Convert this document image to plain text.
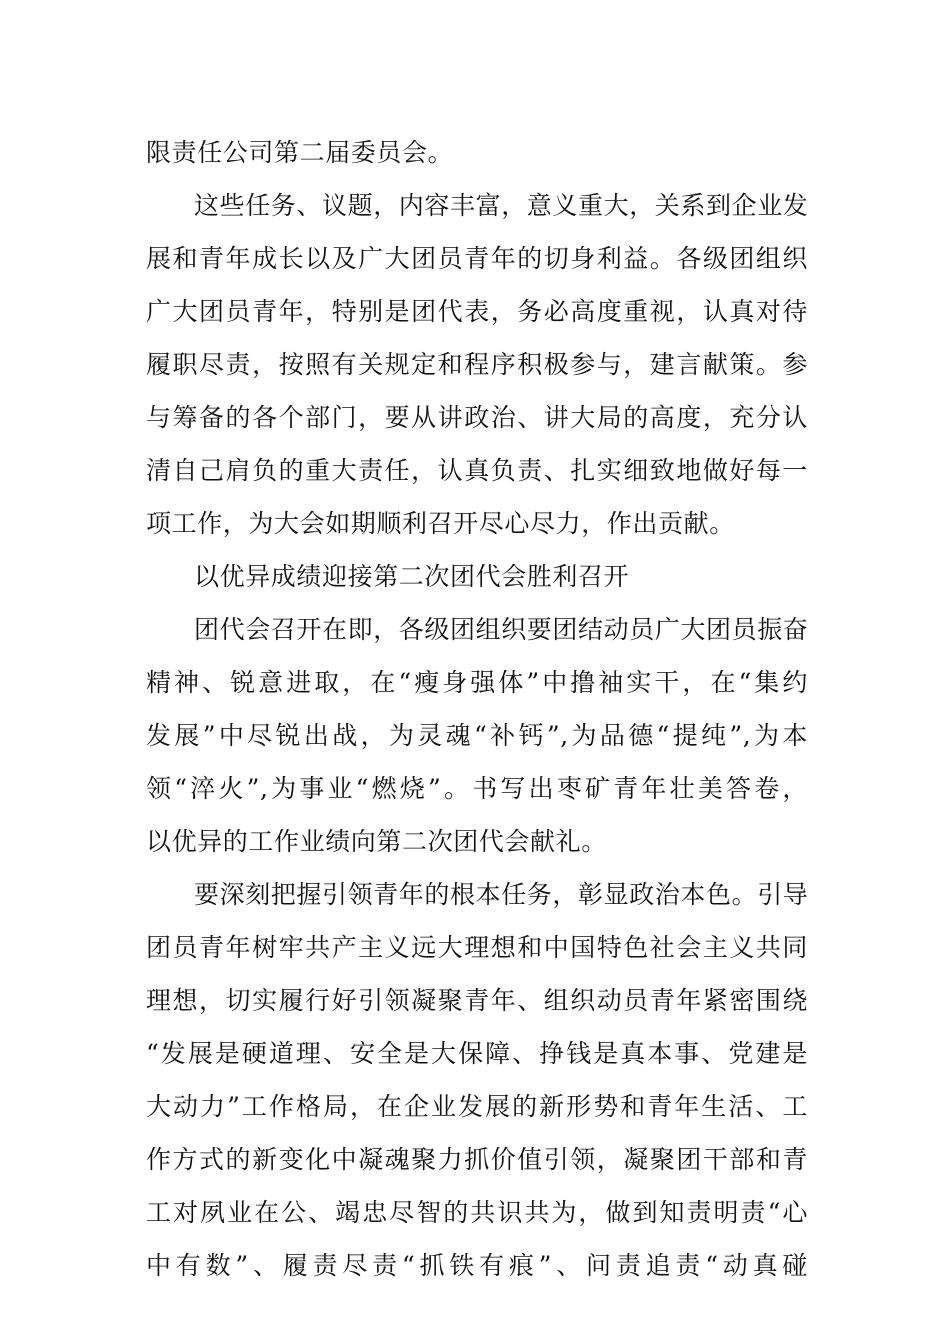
限责任公司第二届委员会。
这些任务、议题，内容丰富，意义重大，关系到企业发
展和青年成长以及广大团员青年的切身利益。各级团组织
广大团员青年，特别是团代表，务必高度重视，认真对待
履职尽责，按照有关规定和程序积极参与，建言献策。参
与筹备的各个部门，要从讲政治、讲大局的高度，充分认
清自己肩负的重大责任，认真负责、扎实细致地做好每一
项工作，为大会如期顺利召开尽心尽力，作出贡献。
以优异成绩迎接第二次团代会胜利召开
团代会召开在即，各级团组织要团结动员广大团员振奋
精神、锐意进取，在“瘦身强体”中撸袖实干，在“集约
发展”中尽锐出战，为灵魂“补钙”,为品德“提纯”,为本
领“淬火”,为事业“燃烧”。书写出枣矿青年壮美答卷，
以优异的工作业绩向第二次团代会献礼。
要深刻把握引领青年的根本任务，彰显政治本色。引导
团员青年树牢共产主义远大理想和中国特色社会主义共同
理想，切实履行好引领凝聚青年、组织动员青年紧密围绕
“发展是硬道理、安全是大保障、挣钱是真本事、党建是
大动力”工作格局，在企业发展的新形势和青年生活、工
作方式的新变化中凝魂聚力抓价值引领，凝聚团干部和青
工对夙业在公、竭忠尽智的共识共为，做到知责明责“心
中有数”、履责尽责“抓铁有痕”、问责追责“动真碰
